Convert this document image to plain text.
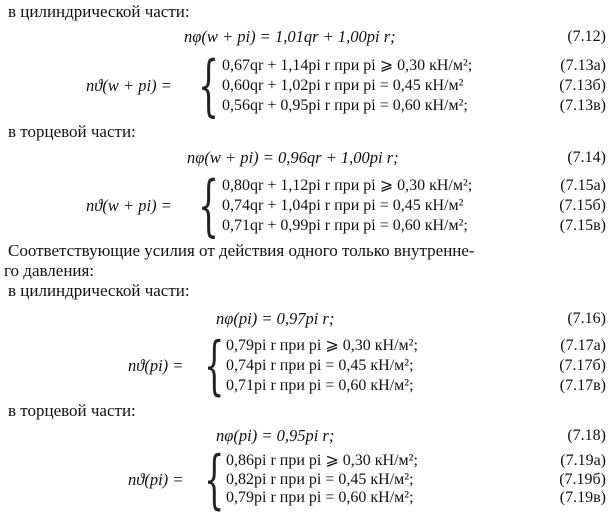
в цилиндрической части:
nφ(w + pi) = 1,01qr + 1,00pi r;	(7.12)
nϑ(w + pi) = { 0,67qr + 1,14pi r при pi ⩾ 0,30 кН/м²;	(7.13а)
0,60qr + 1,02pi r при pi = 0,45 кН/м²	(7.13б)
0,56qr + 0,95pi r при pi = 0,60 кН/м²;	(7.13в)
в торцевой части:
nφ(w + pi) = 0,96qr + 1,00pi r;	(7.14)
nϑ(w + pi) = { 0,80qr + 1,12pi r при pi ⩾ 0,30 кН/м²;	(7.15а)
0,74qr + 1,04pi r при pi = 0,45 кН/м²	(7.15б)
0,71qr + 0,99pi r при pi = 0,60 кН/м²;	(7.15в)
Соответствующие усилия от действия одного только внутренне-
го давления:
в цилиндрической части:
nφ(pi) = 0,97pi r;	(7.16)
nϑ(pi) = { 0,79pi r при pi ⩾ 0,30 кН/м²;	(7.17а)
0,74pi r при pi = 0,45 кН/м²;	(7.17б)
0,71pi r при pi = 0,60 кН/м²;	(7.17в)
в торцевой части:
nφ(pi) = 0,95pi r;	(7.18)
nϑ(pi) = { 0,86pi r при pi ⩾ 0,30 кН/м²;	(7.19а)
0,82pi r при pi = 0,45 кН/м²;	(7.19б)
0,79pi r при pi = 0,60 кН/м²;	(7.19в)
